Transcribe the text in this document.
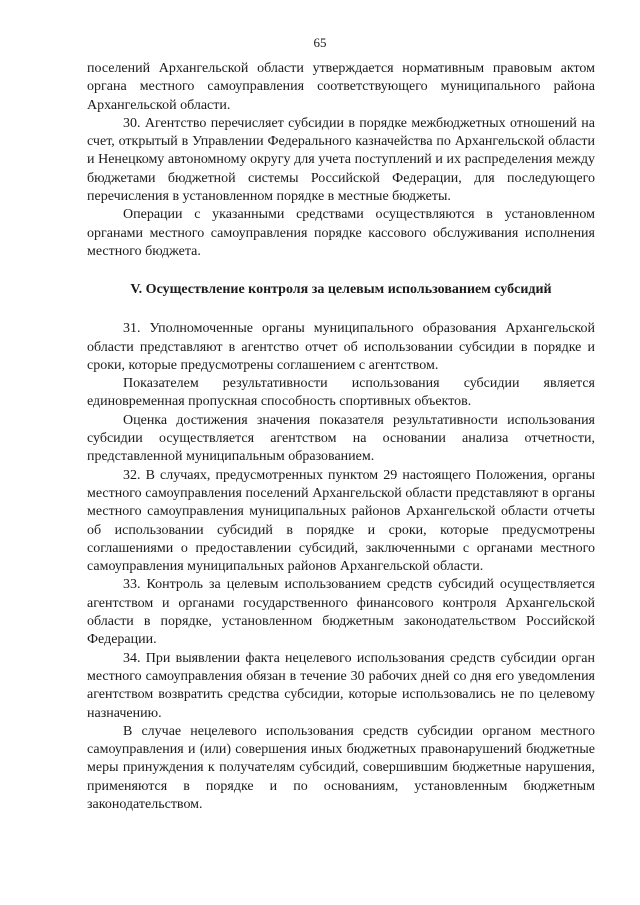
65

поселений Архангельской области утверждается нормативным правовым актом органа местного самоуправления соответствующего муниципального района Архангельской области.

30. Агентство перечисляет субсидии в порядке межбюджетных отношений на счет, открытый в Управлении Федерального казначейства по Архангельской области и Ненецкому автономному округу для учета поступлений и их распределения между бюджетами бюджетной системы Российской Федерации, для последующего перечисления в установленном порядке в местные бюджеты.

Операции с указанными средствами осуществляются в установленном органами местного самоуправления порядке кассового обслуживания исполнения местного бюджета.

V. Осуществление контроля за целевым использованием субсидий

31. Уполномоченные органы муниципального образования Архангельской области представляют в агентство отчет об использовании субсидии в порядке и сроки, которые предусмотрены соглашением с агентством.

Показателем результативности использования субсидии является единовременная пропускная способность спортивных объектов.

Оценка достижения значения показателя результативности использования субсидии осуществляется агентством на основании анализа отчетности, представленной муниципальным образованием.

32. В случаях, предусмотренных пунктом 29 настоящего Положения, органы местного самоуправления поселений Архангельской области представляют в органы местного самоуправления муниципальных районов Архангельской области отчеты об использовании субсидий в порядке и сроки, которые предусмотрены соглашениями о предоставлении субсидий, заключенными с органами местного самоуправления муниципальных районов Архангельской области.

33. Контроль за целевым использованием средств субсидий осуществляется агентством и органами государственного финансового контроля Архангельской области в порядке, установленном бюджетным законодательством Российской Федерации.

34. При выявлении факта нецелевого использования средств субсидии орган местного самоуправления обязан в течение 30 рабочих дней со дня его уведомления агентством возвратить средства субсидии, которые использовались не по целевому назначению.

В случае нецелевого использования средств субсидии органом местного самоуправления и (или) совершения иных бюджетных правонарушений бюджетные меры принуждения к получателям субсидий, совершившим бюджетные нарушения, применяются в порядке и по основаниям, установленным бюджетным законодательством.
